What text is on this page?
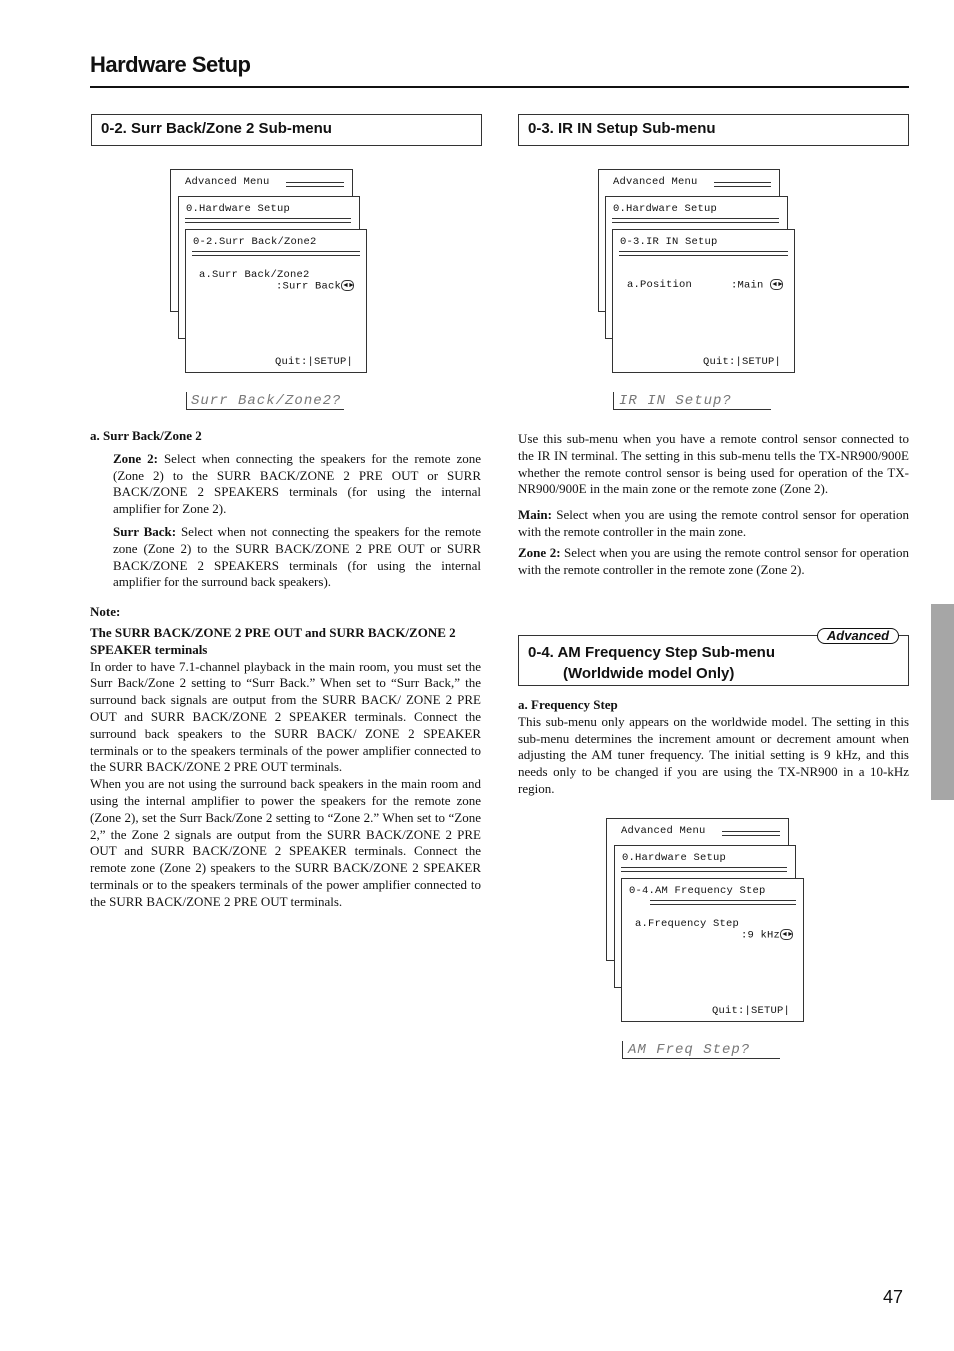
Hardware Setup
0-2. Surr Back/Zone 2 Sub-menu
Advanced Menu
0.Hardware Setup
0-2.Surr Back/Zone2
a.Surr Back/Zone2
:Surr Back◄►
Quit:|SETUP|
Surr Back/Zone2?

a. Surr Back/Zone 2

Zone 2: Select when connecting the speakers for the remote zone (Zone 2) to the SURR BACK/ZONE 2 PRE OUT or SURR BACK/ZONE 2 SPEAKERS terminals (for using the internal amplifier for Zone 2).

Surr Back: Select when not connecting the speakers for the remote zone (Zone 2) to the SURR BACK/ZONE 2 PRE OUT or SURR BACK/ZONE 2 SPEAKERS terminals (for using the internal amplifier for the surround back speakers).

Note:

The SURR BACK/ZONE 2 PRE OUT and SURR BACK/ZONE 2 SPEAKER terminals

In order to have 7.1-channel playback in the main room, you must set the Surr Back/Zone 2 setting to “Surr Back.” When set to “Surr Back,” the surround back signals are output from the SURR BACK/ ZONE 2 PRE OUT and SURR BACK/ZONE 2 SPEAKER terminals. Connect the surround back speakers to the SURR BACK/ ZONE 2 SPEAKER terminals or to the speakers terminals of the power amplifier connected to the SURR BACK/ZONE 2 PRE OUT terminals.

When you are not using the surround back speakers in the main room and using the internal amplifier to power the speakers for the remote zone (Zone 2), set the Surr Back/Zone 2 setting to “Zone 2.” When set to “Zone 2,” the Zone 2 signals are output from the SURR BACK/ZONE 2 PRE OUT and SURR BACK/ZONE 2 SPEAKER terminals. Connect the remote zone (Zone 2) speakers to the SURR BACK/ZONE 2 SPEAKER terminals or to the speakers terminals of the power amplifier connected to the SURR BACK/ZONE 2 PRE OUT terminals.

0-3. IR IN Setup Sub-menu
Advanced Menu
0.Hardware Setup
0-3.IR IN Setup
a.Position	:Main ◄►
Quit:|SETUP|
IR IN Setup?

Use this sub-menu when you have a remote control sensor connected to the IR IN terminal. The setting in this sub-menu tells the TX-NR900/900E whether the remote control sensor is being used for operation of the TX-NR900/900E in the main zone or the remote zone (Zone 2).

Main: Select when you are using the remote control sensor for operation with the remote controller in the main zone.

Zone 2: Select when you are using the remote control sensor for operation with the remote controller in the remote zone (Zone 2).

0-4. AM Frequency Step Sub-menu
(Worldwide model Only)
Advanced

a. Frequency Step

This sub-menu only appears on the worldwide model. The setting in this sub-menu determines the increment amount or decrement amount when adjusting the AM tuner frequency. The initial setting is 9 kHz, and this needs only to be changed if you are using the TX-NR900 in a 10-kHz region.

Advanced Menu
0.Hardware Setup
0-4.AM Frequency Step
a.Frequency Step
:9 kHz◄►
Quit:|SETUP|
AM Freq Step?
47
